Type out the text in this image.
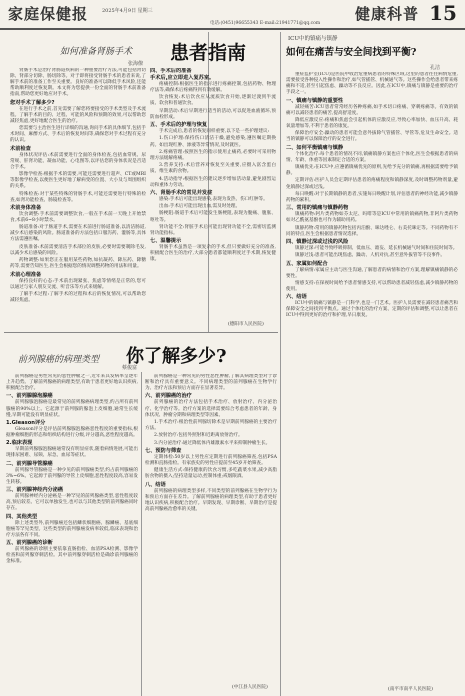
家庭保健报	2025年4月9日 星期三	健康科普 15
电话:(0451)96655343 E-mail:21941771@qq.com
如何准备肾肠手术 患者指南
张海僚

肾肠手术是治疗肾肠道疾病的一种重要治疗方法,可能包括肾切除、肾部分切除、肠切除等。对于即将接受肾肠手术的患者来说,了解手术前的准备工作至关重要。良好的准备可以降低手术风险,还能帮助顺利度过恢复期。本文将为您提供一份全面的肾肠手术前准备指南,帮助您更好地应对手术。

您对手术了解多少?

在进行手术之前,首先需要了解您将要接受的手术类型及手术流程。了解手术的目的、过程、可能的风险和预期的效果,可以帮助您减轻焦虑,更好地配合医生的治疗。

您需要与主治医生进行详细的沟通,询问手术的具体细节,包括手术时间、麻醉方式、手术后的恢复时间等,确保您对手术过程有充分的认识。

术前检查

身体状况评估:术前需要进行全面的身体检查,包括血常规、尿常规、肝肾功能、凝血功能、心电图等,以评估您的身体状况是否适合手术。

影像学检查:根据手术的需要,可能还需要进行超声、CT或MRI等影像学检查,以便医生更好地了解病变的位置、大小及与周围组织的关系。

特殊检查:对于某些特殊的肾肠手术,可能还需要进行特殊的检查,如肾功能检查、肠镜检查等。

术前身体准备

饮食调整:手术前需要调整饮食,一般在手术前一天晚上开始禁食,术前6~8小时禁水。

肠道准备:对于肠道手术,需要在术前进行肠道准备,以清洁肠道,减少术后感染的风险。肠道准备的方法包括口服泻药、灌肠等,具体方法需遵医嘱。

皮肤准备:术前需要清洁手术部位的皮肤,必要时需要剃除毛发,以减少术后感染的风险。

药物调整:如果您正在服用某些药物,如抗凝药、降压药、降糖药等,需要告知医生,医生会根据您的情况调整药物的用法和用量。

术前心理准备

保持良好的心态:手术前出现紧张、焦虑等情绪是正常的,您可以通过与家人朋友交流、听音乐等方式来缓解。

了解手术过程:了解手术的过程和术后的恢复情况,可以帮助您减轻焦虑。

四、手术后的准备
手术后,应立即进入复苏室。

疼痛控制:根据医生的指示进行疼痛控制,包括药物、物理疗法等,确保术后疼痛得到有效缓解。

饮食恢复:术后饮食应从流质饮食开始,逐渐过渡到半流质、软食和普通饮食。

早期活动:术后早期进行适当的活动,可以促进血液循环,预防血栓形成。

五、手术后的护理与恢复

手术完成后,患者的恢复同样重要,以下是一些护理建议:

1.伤口护理:保持伤口清洁干燥,避免感染,遵医嘱定期换药。如出现红肿、渗液等异常情况,及时就医。

2.疼痛管理:按照医生的指示使用止痛药,必要时可采用物理方法缓解疼痛。

3.营养支持:术后营养对恢复至关重要,应摄入富含蛋白质、维生素的食物。

4.活动指导:根据医生的建议逐步增加活动量,避免剧烈运动和重体力劳动。

六、肾肠手术的常见并发症

感染:手术后可能出现感染,表现为发热、伤口红肿等。

出血:手术后可能出现出血,需及时处理。

肠梗阻:肠道手术后可能发生肠梗阻,表现为腹痛、腹胀、呕吐等。

肾功能不全:肾脏手术后可能出现肾功能不全,需密切监测肾功能指标。

七、温馨提示

肾肠手术虽然是一项复杂的手术,但只要做好充分的准备,积极配合医生的治疗,大部分患者都能顺利度过手术期,恢复健康。

(德阳市人民医院)
前列腺癌的病理类型 你了解多少?
蔡俊富

前列腺癌是男性常见的恶性肿瘤之一,近年来其发病率呈逐年上升趋势。了解前列腺癌的病理类型,有助于患者更好地认识疾病,积极配合治疗。

一、前列腺腺泡腺癌

前列腺腺泡腺癌是最常见的前列腺癌病理类型,约占所有前列腺癌的90%以上。它起源于前列腺的腺泡上皮细胞,通常生长缓慢,早期可能没有明显症状。

1.Gleason评分

Gleason评分是评估前列腺腺泡腺癌恶性程度的重要指标,根据肿瘤细胞的形态和组织结构进行分级,评分越高,恶性程度越高。

2.临床表现

早期前列腺腺泡腺癌通常没有明显症状,随着病情进展,可能出现排尿困难、尿频、尿急、血尿等症状。

二、前列腺导管腺癌

前列腺导管腺癌是一种少见的前列腺癌类型,约占前列腺癌的3%~6%。它起源于前列腺的导管上皮细胞,恶性程度较高,容易发生转移。

三、前列腺神经内分泌癌

前列腺神经内分泌癌是一种罕见的前列腺癌类型,恶性程度较高,预后较差。它可以单独发生,也可以与其他类型的前列腺癌同时存在。

四、其他类型

除上述类型外,前列腺癌还包括鳞状细胞癌、腺鳞癌、基底细胞癌等罕见类型。这些类型的前列腺癌发病率较低,临床表现和治疗方法各有不同。

五、前列腺癌的诊断

前列腺癌的诊断主要依靠直肠指检、血清PSA检测、影像学检查和前列腺穿刺活检。其中前列腺穿刺活检是确诊前列腺癌的金标准。

前列腺癌是一种常见的男性恶性肿瘤,了解其病理类型对于诊断和治疗具有重要意义。不同病理类型的前列腺癌在生物学行为、治疗方法和预后方面存在显著差异。

六、前列腺癌的治疗

前列腺癌的治疗方法包括手术治疗、放射治疗、内分泌治疗、化学治疗等。治疗方案的选择需要综合考虑患者的年龄、身体状况、肿瘤分期和病理类型等因素。

1.手术治疗:根治性前列腺切除术是早期前列腺癌的主要治疗方法。

2.放射治疗:包括外照射和近距离放射治疗。

3.内分泌治疗:通过降低体内雄激素水平来抑制肿瘤生长。

七、预防与筛查

定期体检:50岁以上男性应定期进行前列腺癌筛查,包括PSA检测和直肠指检。有家族史的男性应提前至45岁开始筛查。

健康生活方式:保持健康的饮食习惯,多吃蔬菜水果,减少高脂肪食物的摄入;坚持适量运动,控制体重;戒烟限酒。

八、结语

前列腺癌的病理类型多样,不同类型的前列腺癌在生物学行为和预后方面存在差异。了解前列腺癌的病理类型,有助于患者更好地认识疾病,积极配合治疗。早期发现、早期诊断、早期治疗是提高前列腺癌治愈率的关键。

(中江县人民医院)
ICU中的镇痛与镇静
如何在痛苦与安全间找到平衡?
孔洁

重症监护室(ICU)是医院中收治危重病患者的特殊区域,这里的患者往往病情危重,需要接受各种侵入性操作和治疗,如气管插管、机械通气等。这些操作会给患者带来疼痛和不适,甚至引起焦虑、躁动等不良反应。因此,在ICU中,镇痛与镇静是重要的治疗手段之一。

一、镇痛与镇静的重要性

减轻痛苦:ICU患者常常经历各种疼痛,如手术切口疼痛、穿刺疼痛等。有效的镇痛可以减轻患者的痛苦,提高舒适度。

降低应激反应:疼痛和焦虑会引起机体的应激反应,导致心率加快、血压升高、耗氧量增加等,不利于患者的康复。

保障治疗安全:躁动的患者可能会意外拔除气管插管、导管等,危及生命安全。适当的镇静可以保障治疗的安全进行。

二、如何平衡镇痛与镇静

个体化治疗:每个患者的情况不同,镇痛镇静方案也应个体化,医生会根据患者的病情、年龄、体重等因素制定合适的方案。

镇痛优先:在ICU中,应遵循镇痛优先的原则,先给予充分的镇痛,再根据需要给予镇静。

定期评估:医护人员会定期评估患者的疼痛程度和镇静深度,及时调整药物剂量,避免镇静过深或过浅。

每日唤醒:对于长期镇静的患者,实施每日唤醒计划,评估患者的神经功能,减少镇静药物的累积。

三、常用的镇痛与镇静药物

镇痛药物:阿片类药物如芬太尼、吗啡等是ICU中常用的镇痛药物,非阿片类药物如对乙酰氨基酚也可作为辅助用药。

镇静药物:常用的镇静药物包括丙泊酚、咪达唑仑、右美托咪定等。不同药物有不同的特点,医生会根据患者情况选择。

四、镇静过深或过浅的风险

镇静过深:可能导致呼吸抑制、低血压、谵妄、延长机械通气时间和住院时间等。

镇静过浅:患者可能出现焦虑、躁动、人机对抗,甚至意外拔管等不良事件。

五、家属如何配合

了解病情:家属应主动与医生沟通,了解患者的病情和治疗方案,理解镇痛镇静的必要性。

情感支持:在探视时间给予患者情感支持,可以帮助患者减轻焦虑,减少镇静药物的使用。

六、结语

ICU中的镇痛与镇静是一门科学,也是一门艺术。医护人员需要在减轻患者痛苦和保障安全之间找到平衡点。通过个体化的治疗方案、定期的评估和调整,可以让患者在ICU中得到更好的治疗和护理,早日康复。

(南平市南平人民医院)
